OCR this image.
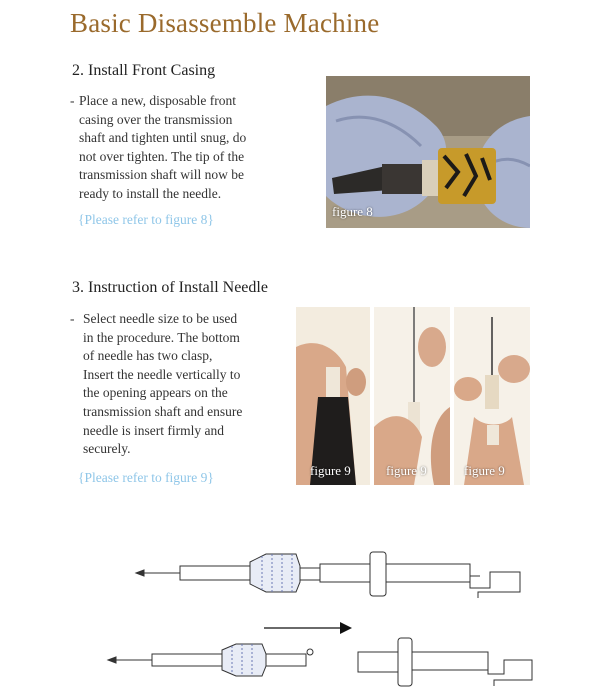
Basic Disassemble Machine
2. Install Front Casing
- Place a new, disposable front
casing over the transmission
shaft and tighten until snug, do
not over tighten. The tip of the
transmission shaft will now be
ready to install the needle.
{Please refer to figure 8}
figure 8
3. Instruction of Install Needle
- Select needle size to be used
in the procedure. The bottom
of needle has two clasp,
Insert the needle vertically to
the opening appears on the
transmission shaft and ensure
needle is insert firmly and
securely.
{Please refer to figure 9}	figure 9	figure 9	figure 9
